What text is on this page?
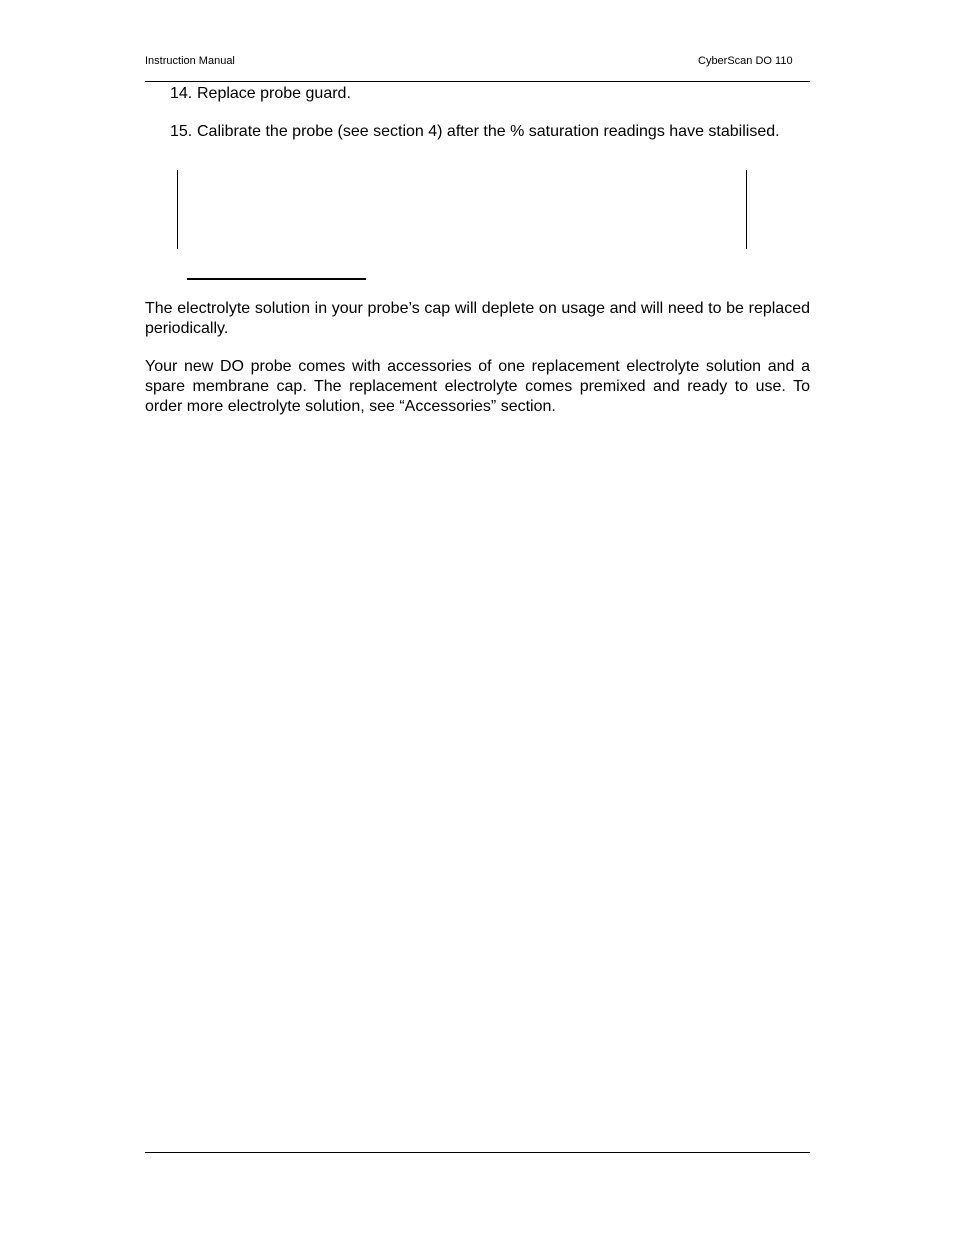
Instruction Manual	CyberScan DO 110
14. Replace probe guard.
15. Calibrate the probe (see section 4) after the % saturation readings have stabilised.

The electrolyte solution in your probe’s cap will deplete on usage and will need to be replaced periodically.

Your new DO probe comes with accessories of one replacement electrolyte solution and a spare membrane cap. The replacement electrolyte comes premixed and ready to use. To order more electrolyte solution, see “Accessories” section.
